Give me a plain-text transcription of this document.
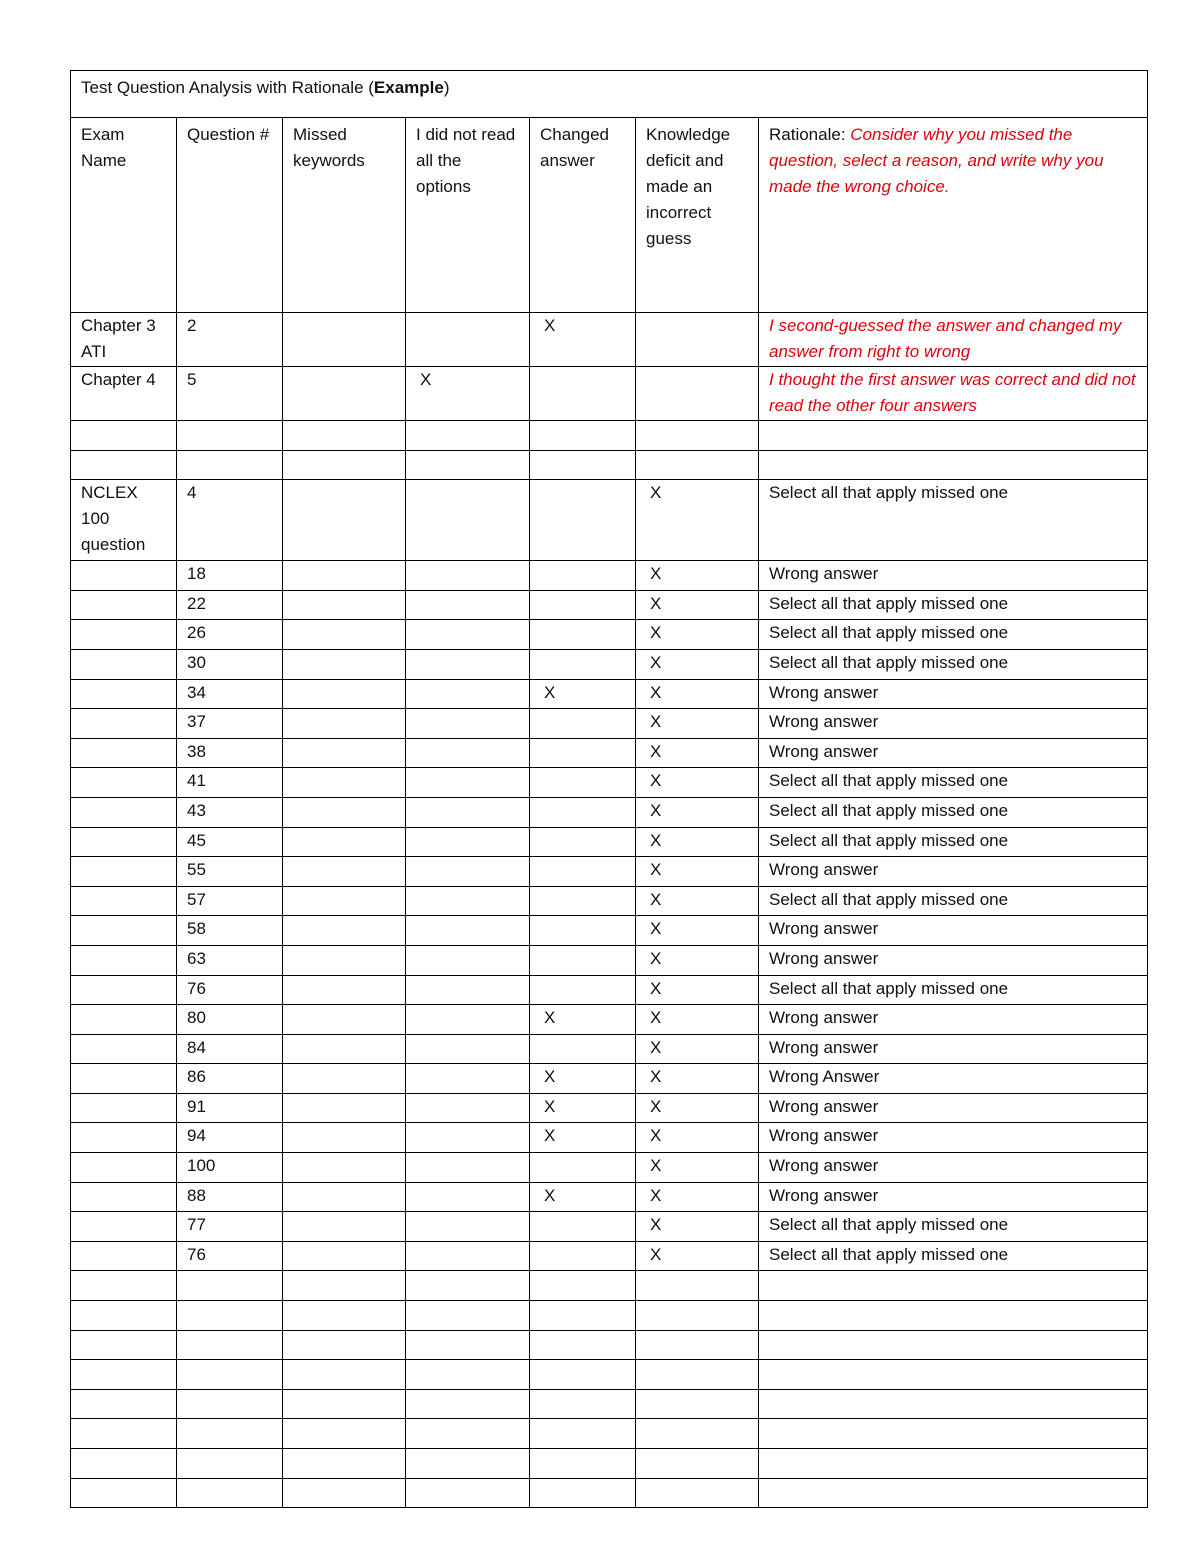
Test Question Analysis with Rationale (Example)						
Exam Name	Question #	Missed keywords	I did not read all the options	Changed answer	Knowledge deficit and made an incorrect guess	Rationale: Consider why you missed the question, select a reason, and write why you made the wrong choice.
Chapter 3 ATI	2			X		I second-guessed the answer and changed my answer from right to wrong
Chapter 4	5		X			I thought the first answer was correct and did not read the other four answers

NCLEX 100 question	4				X	Select all that apply missed one
	18				X	Wrong answer
	22				X	Select all that apply missed one
	26				X	Select all that apply missed one
	30				X	Select all that apply missed one
	34			X	X	Wrong answer
	37				X	Wrong answer
	38				X	Wrong answer
	41				X	Select all that apply missed one
	43				X	Select all that apply missed one
	45				X	Select all that apply missed one
	55				X	Wrong answer
	57				X	Select all that apply missed one
	58				X	Wrong answer
	63				X	Wrong answer
	76				X	Select all that apply missed one
	80			X	X	Wrong answer
	84				X	Wrong answer
	86			X	X	Wrong Answer
	91			X	X	Wrong answer
	94			X	X	Wrong answer
	100				X	Wrong answer
	88			X	X	Wrong answer
	77				X	Select all that apply missed one
	76				X	Select all that apply missed one
